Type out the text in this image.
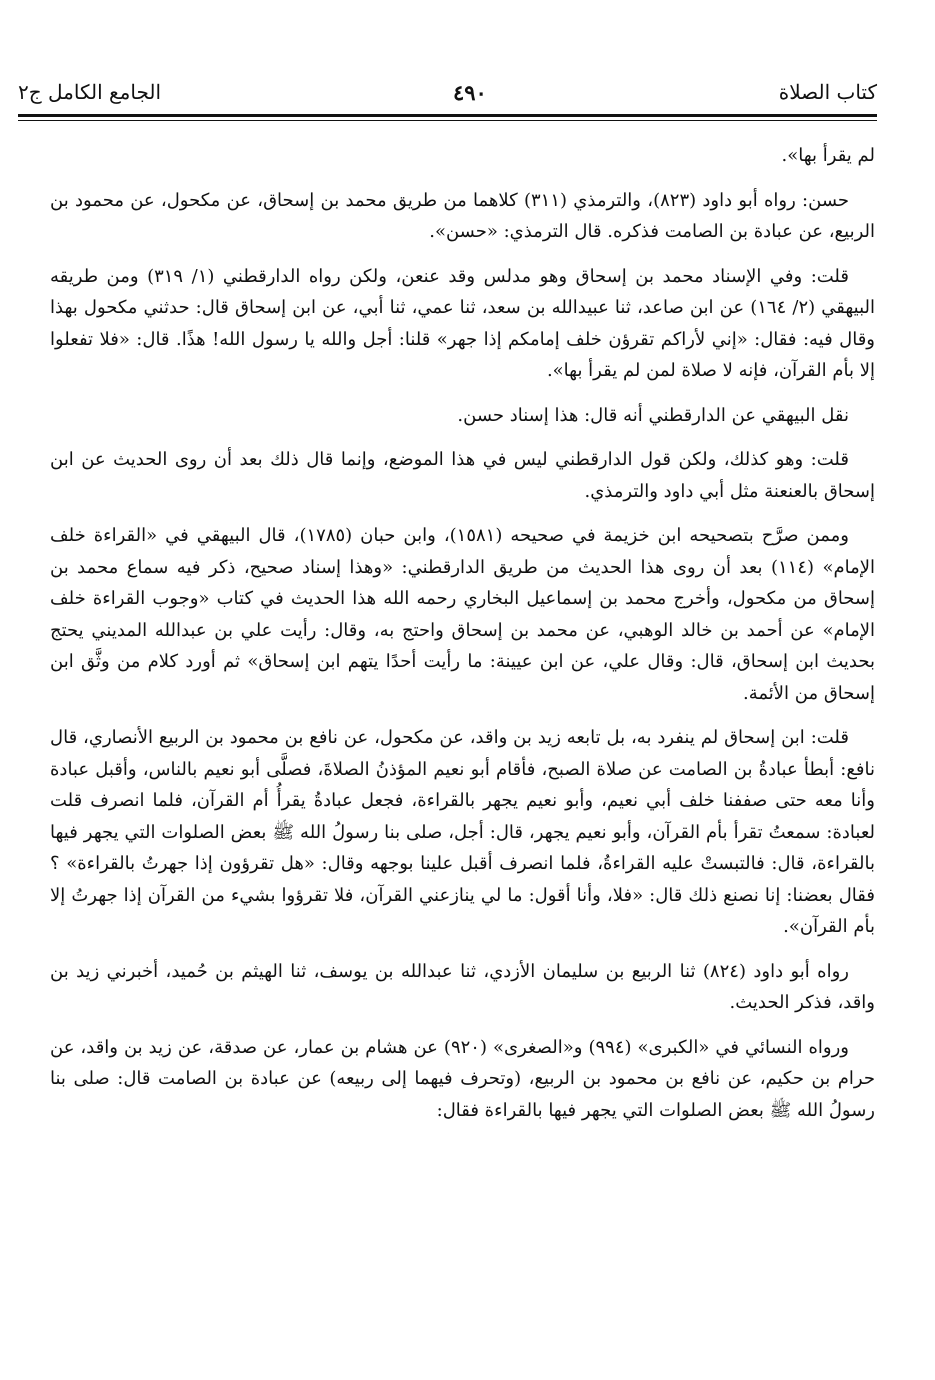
كتاب الصلاة
٤٩٠
الجامع الكامل ج٢

لم يقرأ بها».

حسن: رواه أبو داود (٨٢٣)، والترمذي (٣١١) كلاهما من طريق محمد بن إسحاق، عن مكحول، عن محمود بن الربيع، عن عبادة بن الصامت فذكره. قال الترمذي: «حسن».

قلت: وفي الإسناد محمد بن إسحاق وهو مدلس وقد عنعن، ولكن رواه الدارقطني (١/ ٣١٩) ومن طريقه البيهقي (٢/ ١٦٤) عن ابن صاعد، ثنا عبيدالله بن سعد، ثنا عمي، ثنا أبي، عن ابن إسحاق قال: حدثني مكحول بهذا وقال فيه: فقال: «إني لأراكم تقرؤن خلف إمامكم إذا جهر» قلنا: أجل والله يا رسول الله! هذًا. قال: «فلا تفعلوا إلا بأم القرآن، فإنه لا صلاة لمن لم يقرأ بها».

نقل البيهقي عن الدارقطني أنه قال: هذا إسناد حسن.

قلت: وهو كذلك، ولكن قول الدارقطني ليس في هذا الموضع، وإنما قال ذلك بعد أن روى الحديث عن ابن إسحاق بالعنعنة مثل أبي داود والترمذي.

وممن صرَّح بتصحيحه ابن خزيمة في صحيحه (١٥٨١)، وابن حبان (١٧٨٥)، قال البيهقي في «القراءة خلف الإمام» (١١٤) بعد أن روى هذا الحديث من طريق الدارقطني: «وهذا إسناد صحيح، ذكر فيه سماع محمد بن إسحاق من مكحول، وأخرج محمد بن إسماعيل البخاري رحمه الله هذا الحديث في كتاب «وجوب القراءة خلف الإمام» عن أحمد بن خالد الوهبي، عن محمد بن إسحاق واحتج به، وقال: رأيت علي بن عبدالله المديني يحتج بحديث ابن إسحاق، قال: وقال علي، عن ابن عيينة: ما رأيت أحدًا يتهم ابن إسحاق» ثم أورد كلام من وثَّق ابن إسحاق من الأئمة.

قلت: ابن إسحاق لم ينفرد به، بل تابعه زيد بن واقد، عن مكحول، عن نافع بن محمود بن الربيع الأنصاري، قال نافع: أبطأ عبادةُ بن الصامت عن صلاة الصبح، فأقام أبو نعيم المؤذنُ الصلاةَ، فصلَّى أبو نعيم بالناس، وأقبل عبادة وأنا معه حتى صففنا خلف أبي نعيم، وأبو نعيم يجهر بالقراءة، فجعل عبادةُ يقرأُ أم القرآن، فلما انصرف قلت لعبادة: سمعتُ تقرأ بأم القرآن، وأبو نعيم يجهر، قال: أجل، صلى بنا رسولُ الله ﷺ بعض الصلوات التي يجهر فيها بالقراءة، قال: فالتبستْ عليه القراءةُ، فلما انصرف أقبل علينا بوجهه وقال: «هل تقرؤون إذا جهرتُ بالقراءة» ؟ فقال بعضنا: إنا نصنع ذلك قال: «فلا، وأنا أقول: ما لي ينازعني القرآن، فلا تقرؤوا بشيء من القرآن إذا جهرتُ إلا بأم القرآن».

رواه أبو داود (٨٢٤) ثنا الربيع بن سليمان الأزدي، ثنا عبدالله بن يوسف، ثنا الهيثم بن حُميد، أخبرني زيد بن واقد، فذكر الحديث.

ورواه النسائي في «الكبرى» (٩٩٤) و«الصغرى» (٩٢٠) عن هشام بن عمار، عن صدقة، عن زيد بن واقد، عن حرام بن حكيم، عن نافع بن محمود بن الربيع، (وتحرف فيهما إلى ربيعه) عن عبادة بن الصامت قال: صلى بنا رسولُ الله ﷺ بعض الصلوات التي يجهر فيها بالقراءة فقال:
